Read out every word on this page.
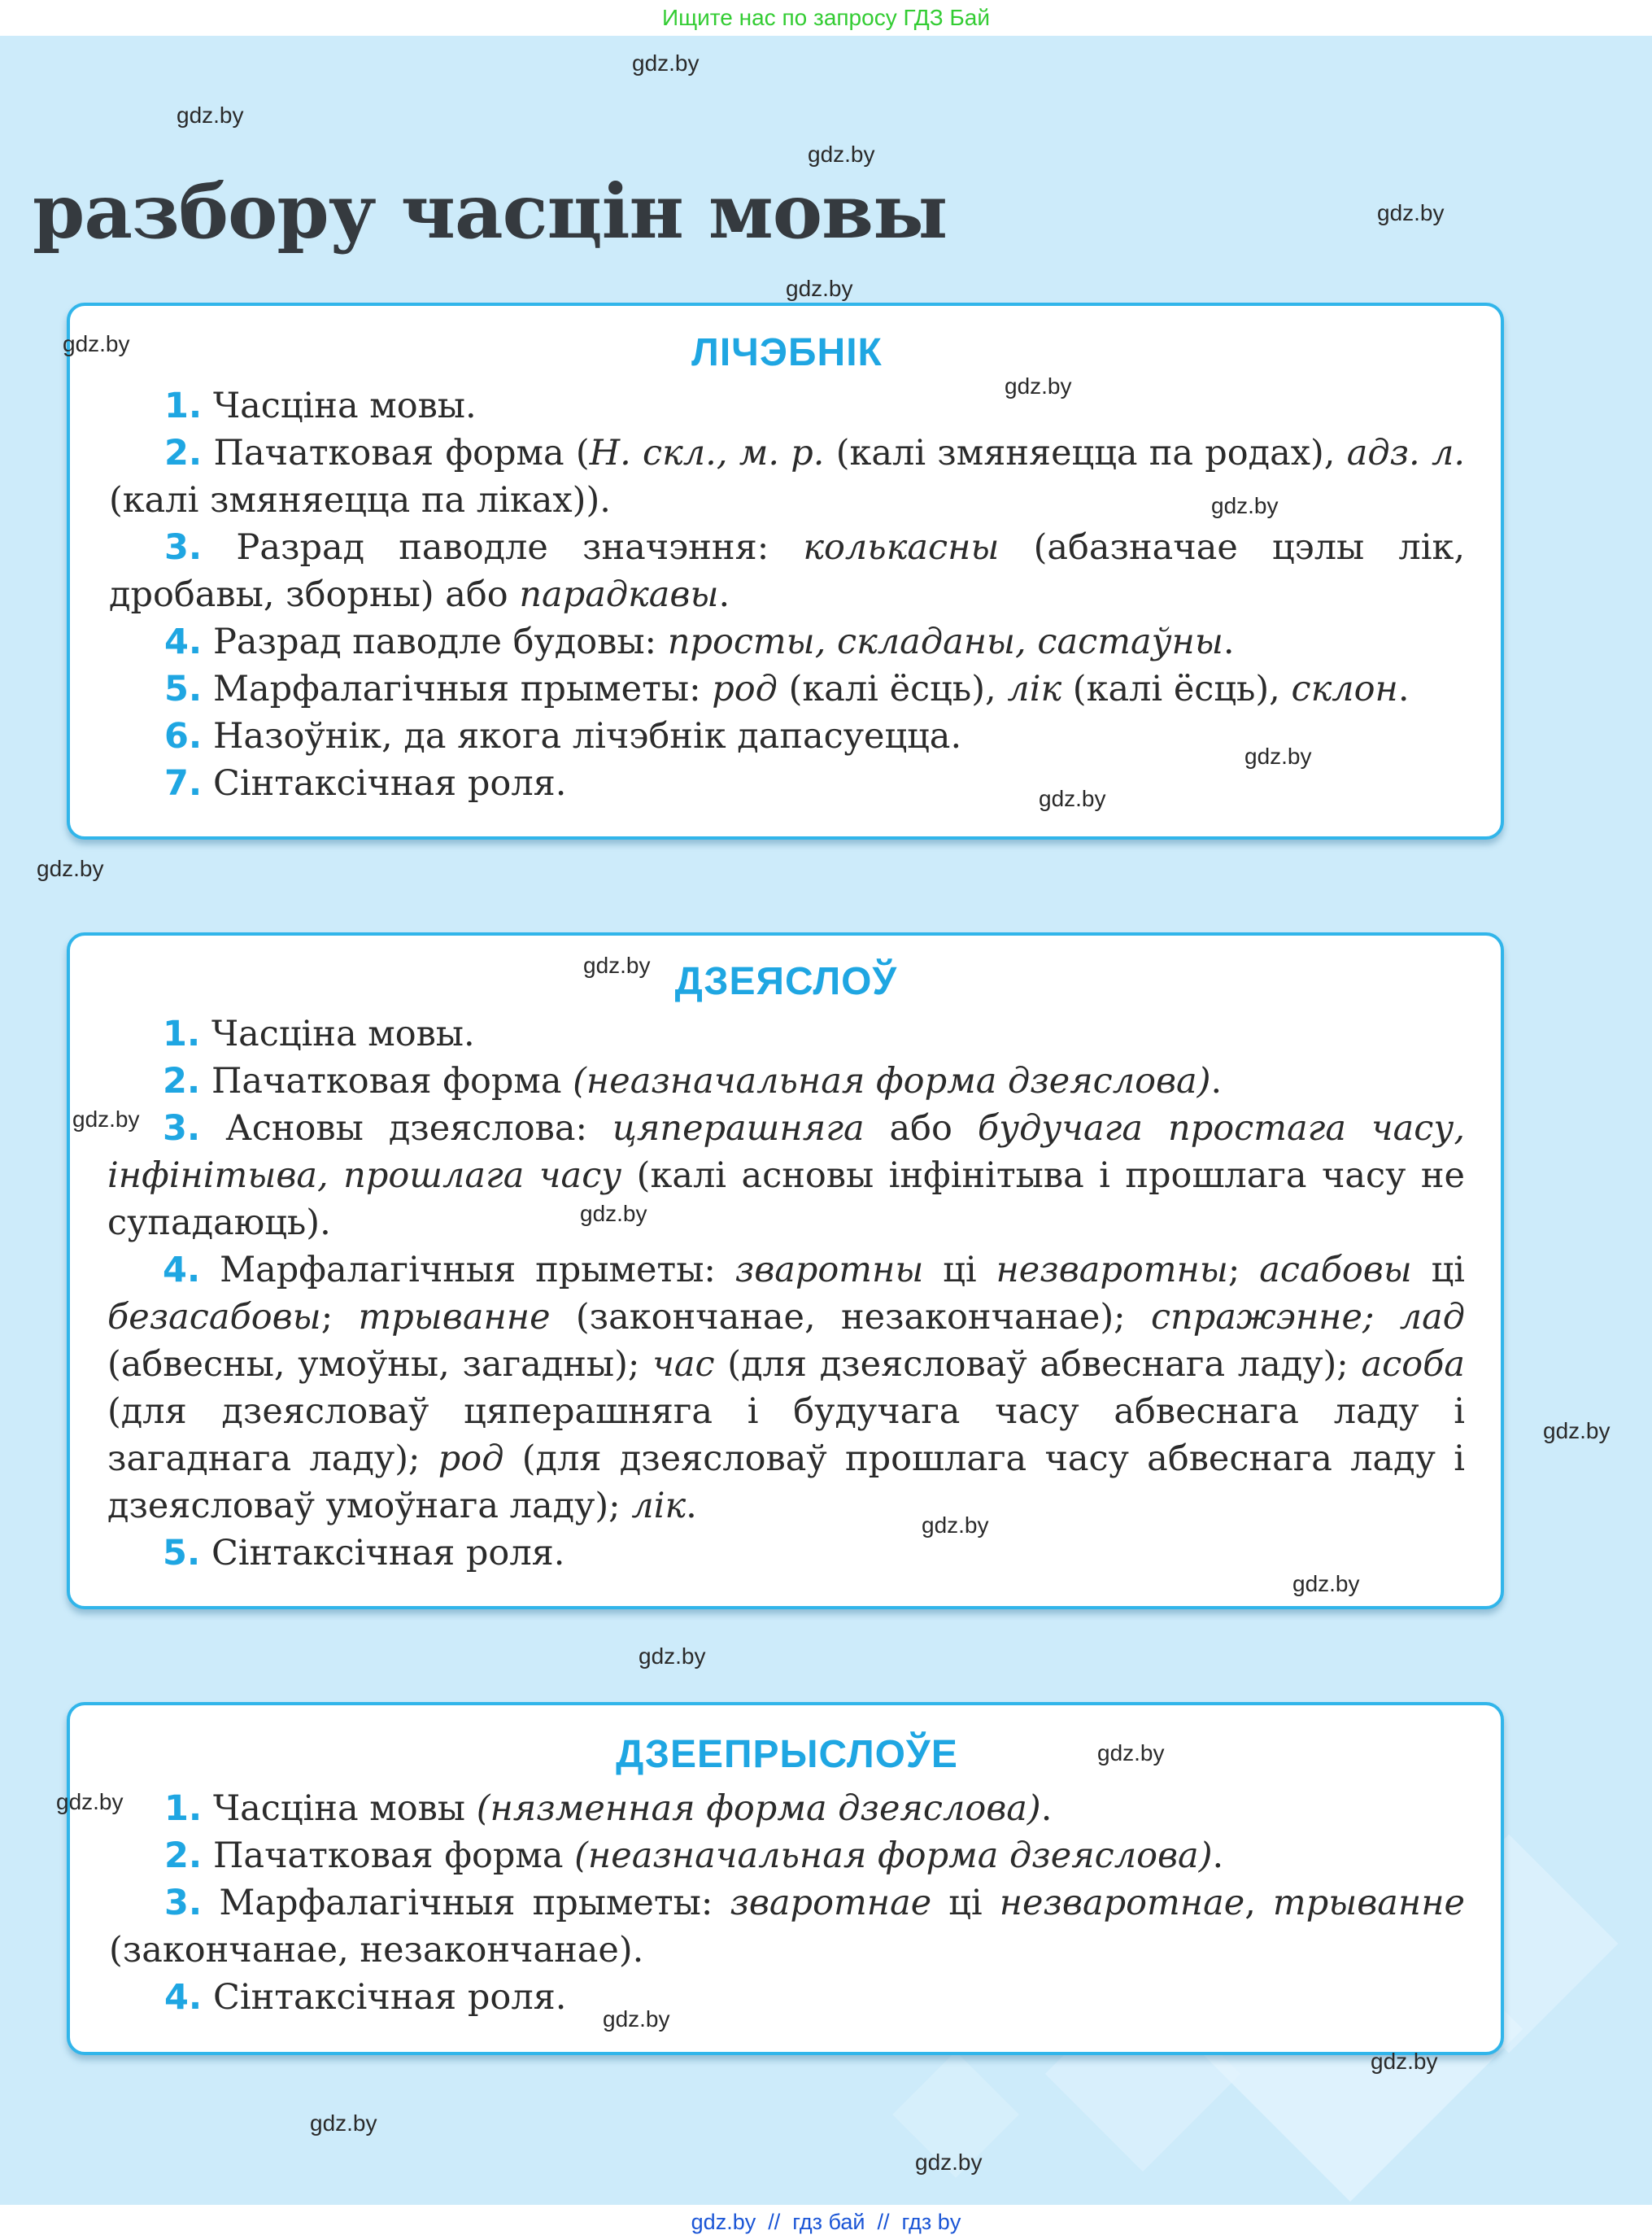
Ищите нас по запросу ГДЗ Бай
разбору часцін мовы
ЛІЧЭБНІК

1. Часціна мовы.

2. Пачатковая форма (Н. скл., м. р. (калі змяняецца па родах), адз. л. (калі змяняецца па ліках)).

3. Разрад паводле значэння: колькасны (абазначае цэлы лік, дробавы, зборны) або парадкавы.

4. Разрад паводле будовы: просты, складаны, састаўны.

5. Марфалагічныя прыметы: род (калі ёсць), лік (калі ёсць), склон.

6. Назоўнік, да якога лічэбнік дапасуецца.

7. Сінтаксічная роля.

ДЗЕЯСЛОЎ

1. Часціна мовы.

2. Пачатковая форма (неазначальная форма дзеяслова).

3. Асновы дзеяслова: цяперашняга або будучага простага часу, інфінітыва, прошлага часу (калі асновы інфінітыва і прошлага часу не супадаюць).

4. Марфалагічныя прыметы: зваротны ці незваротны; асабовы ці безасабовы; трыванне (закончанае, незакончанае); спражэнне; лад (абвесны, умоўны, загадны); час (для дзеясловаў абвеснага ладу); асоба (для дзеясловаў цяперашняга і будучага часу абвеснага ладу і загаднага ладу); род (для дзеясловаў прошлага часу абвеснага ладу і дзеясловаў умоўнага ладу); лік.

5. Сінтаксічная роля.

ДЗЕЕПРЫСЛОЎЕ

1. Часціна мовы (нязменная форма дзеяслова).

2. Пачатковая форма (неазначальная форма дзеяслова).

3. Марфалагічныя прыметы: зваротнае ці незваротнае, трыванне (закончанае, незакончанае).

4. Сінтаксічная роля.

gdz.by
gdz.by
gdz.by
gdz.by
gdz.by
gdz.by
gdz.by
gdz.by
gdz.by
gdz.by
gdz.by
gdz.by
gdz.by
gdz.by
gdz.by
gdz.by
gdz.by
gdz.by
gdz.by
gdz.by
gdz.by
gdz.by
gdz.by
gdz.by
gdz.by // гдз бай // гдз by
